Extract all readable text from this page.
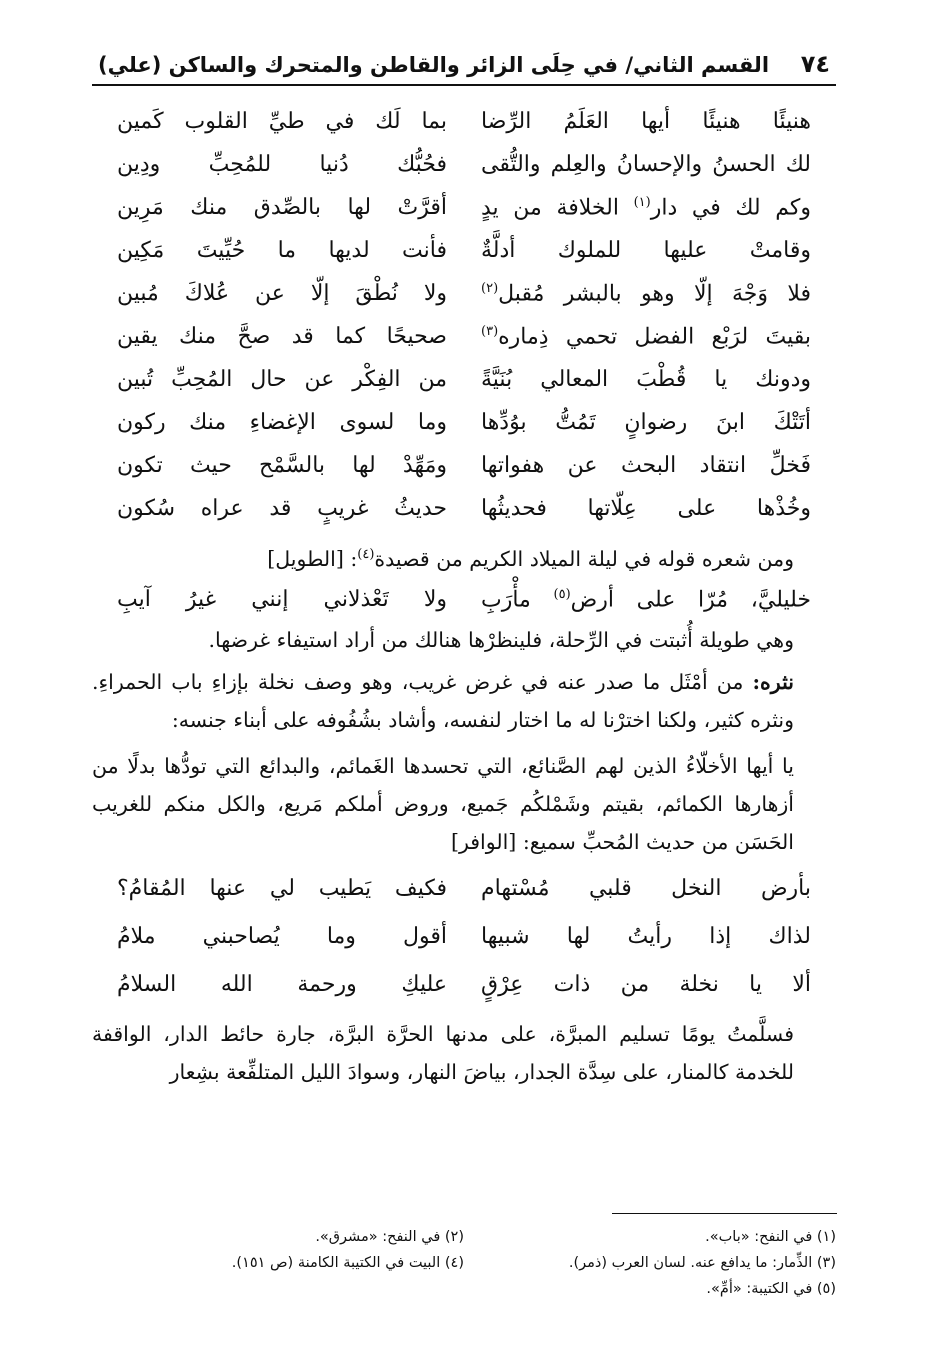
٧٤
القسم الثاني/ في حِلَى الزائر والقاطن والمتحرك والساكن (علي)
هنيئًا هنيئًا أيها العَلَمُ الرِّضا
بما لَك في طيِّ القلوب كَمين
لك الحسنُ والإحسانُ والعِلم والتُّقى
فحُبُّك دُنيا للمُحِبِّ ودِين
وكم لك في دار$^{(١)}$ الخلافة من يدٍ
أقرَّتْ لها بالصِّدق منك مَرِين
وقامتْ عليها للملوك أدلَّةٌ
فأنت لديها ما حُيِّيتَ مَكِين
فلا وَجْهَ إلّا وهو بالبشر مُقبل$^{(٢)}$
ولا نُطْقَ إلّا عن عُلاكَ مُبين
بقيتَ لرَبْع الفضل تحمي ذِماره$^{(٣)}$
صحيحًا كما قد صحَّ منك يقين
ودونك يا قُطْبَ المعالي بُنَيَّةً
من الفِكْر عن حال المُحِبِّ تُبين
أتَتْكَ ابنَ رضوانٍ تَمُتُّ بوُدِّها
وما لسوى الإغضاءِ منك ركون
فَخلِّ انتقاد البحث عن هفواتها
ومَهِّدْ لها بالسَّمْح حيث تكون
وخُذْها على عِلّاتها فحديثُها
حديثُ غريبٍ قد عراه سُكون

ومن شعره قوله في ليلة الميلاد الكريم من قصيدة$^{(٤)}$: [الطويل]

خليليَّ، مُرّا على أرض$^{(٥)}$ مأْرَبِ
ولا تَعْذلاني إنني غيرُ آيبِ

وهي طويلة أُثبتت في الرِّحلة، فلينظرْها هنالك من أراد استيفاء غرضها.

نثره: من أمْثَل ما صدر عنه في غرض غريب، وهو وصف نخلة بإزاءِ باب الحمراءِ. ونثره كثير، ولكنا اخترْنا له ما اختار لنفسه، وأشاد بشُفُوفه على أبناء جنسه:

يا أيها الأخلّاءُ الذين لهم الصَّنائع، التي تحسدها الغَمائم، والبدائع التي تودُّها بدلًا من أزهارها الكمائم، بقيتم وشَمْلكُم جَميع، وروض أملكم مَريع، والكل منكم للغريب الحَسَن من حديث المُحبِّ سميع: [الوافر]

بأرض النخل قلبي مُسْتهام
فكيف يَطيب لي عنها المُقامُ؟
لذاك إذا رأيتُ لها شبيها
أقول وما يُصاحبني ملامُ
ألا يا نخلة من ذات عِرْقٍ
عليكِ ورحمة الله السلامُ

فسلَّمتُ يومًا تسليم المبرَّة، على مدنها الحرَّة البرَّة، جارة حائط الدار، الواقفة للخدمة كالمنار، على سِدَّة الجدار، بياضَ النهار، وسوادَ الليل المتلفِّعة بشِعار

(١) في النفح: «باب».
(٢) في النفح: «مشرق».
(٣) الذِّمار: ما يدافع عنه. لسان العرب (ذمر).
(٤) البيت في الكتيبة الكامنة (ص ١٥١).
(٥) في الكتيبة: «أمِّ».
